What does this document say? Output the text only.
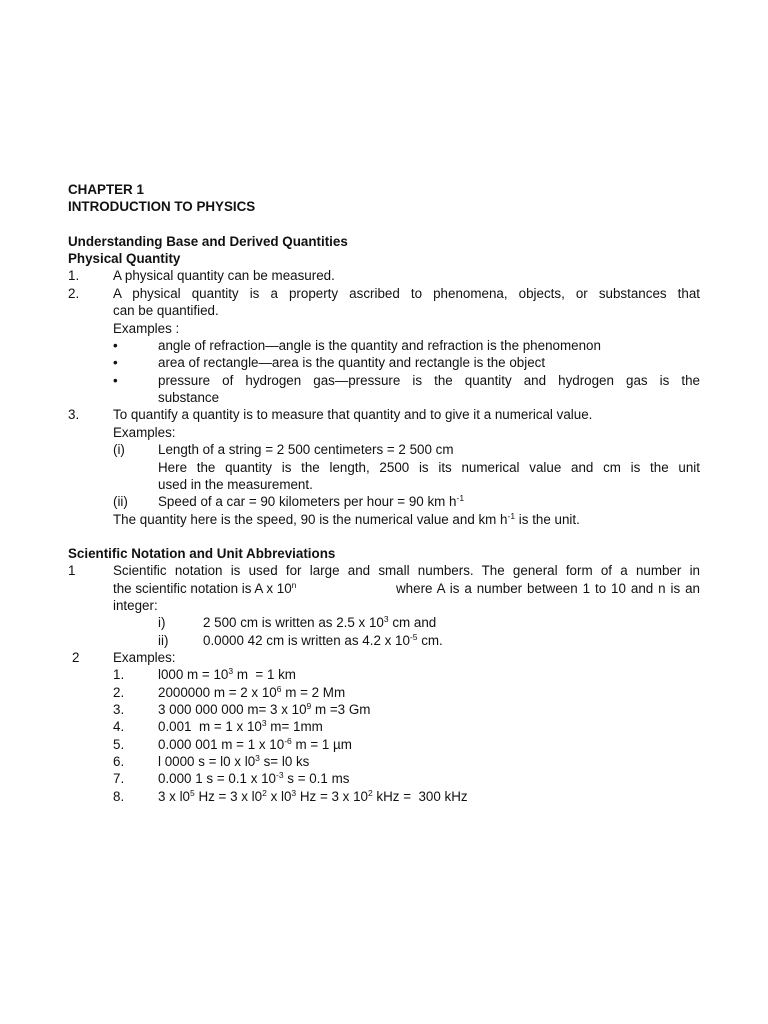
CHAPTER 1
INTRODUCTION TO PHYSICS
Understanding Base and Derived Quantities
Physical Quantity
1.	A physical quantity can be measured.
2.	A physical quantity is a property ascribed to phenomena, objects, or substances that
can be quantified.
Examples :
•	angle of refraction—angle is the quantity and refraction is the phenomenon
•	area of rectangle—area is the quantity and rectangle is the object
•	pressure of hydrogen gas—pressure is the quantity and hydrogen gas is the
substance
3.	To quantify a quantity is to measure that quantity and to give it a numerical value.
Examples:
(i) Length of a string = 2 500 centimeters = 2 500 cm
Here the quantity is the length, 2500 is its numerical value and cm is the unit
used in the measurement.
(ii) Speed of a car = 90 kilometers per hour = 90 km $h^{-1}$
The quantity here is the speed, 90 is the numerical value and km $h^{-1}$ is the unit.
Scientific Notation and Unit Abbreviations
1	Scientific notation is used for large and small numbers. The general form of a number in
the scientific notation is A x 10$^n$	where A is a number between 1 to 10 and n is an
integer:
i)	2 500 cm is written as 2.5 x $10^3$ cm and
ii)	0.0000 42 cm is written as 4.2 x $10^{-5}$ cm.
2	Examples:
1.	l000 $m = 10^3$ m  = 1 km
2.	2000000 m = 2 x $10^6$ m = 2 Mm
3.	3 000 000 000 m= 3 x $10^9$ m =3 Gm
4.	0.001  m = 1 x $10^3$ m= 1mm
5.	0.000 001 m = 1 x $10^{-6}$ m = 1 µm
6.	l 0000 s = l0 x $l0^3$ s= l0 ks
7.	0.000 1 s = 0.1 x $10^{-3}$ s = 0.1 ms
8.	3 x $l0^5$ Hz = 3 x $l0^2$ x $l0^3$ Hz = 3 x $10^2$ kHz =  300 kHz
